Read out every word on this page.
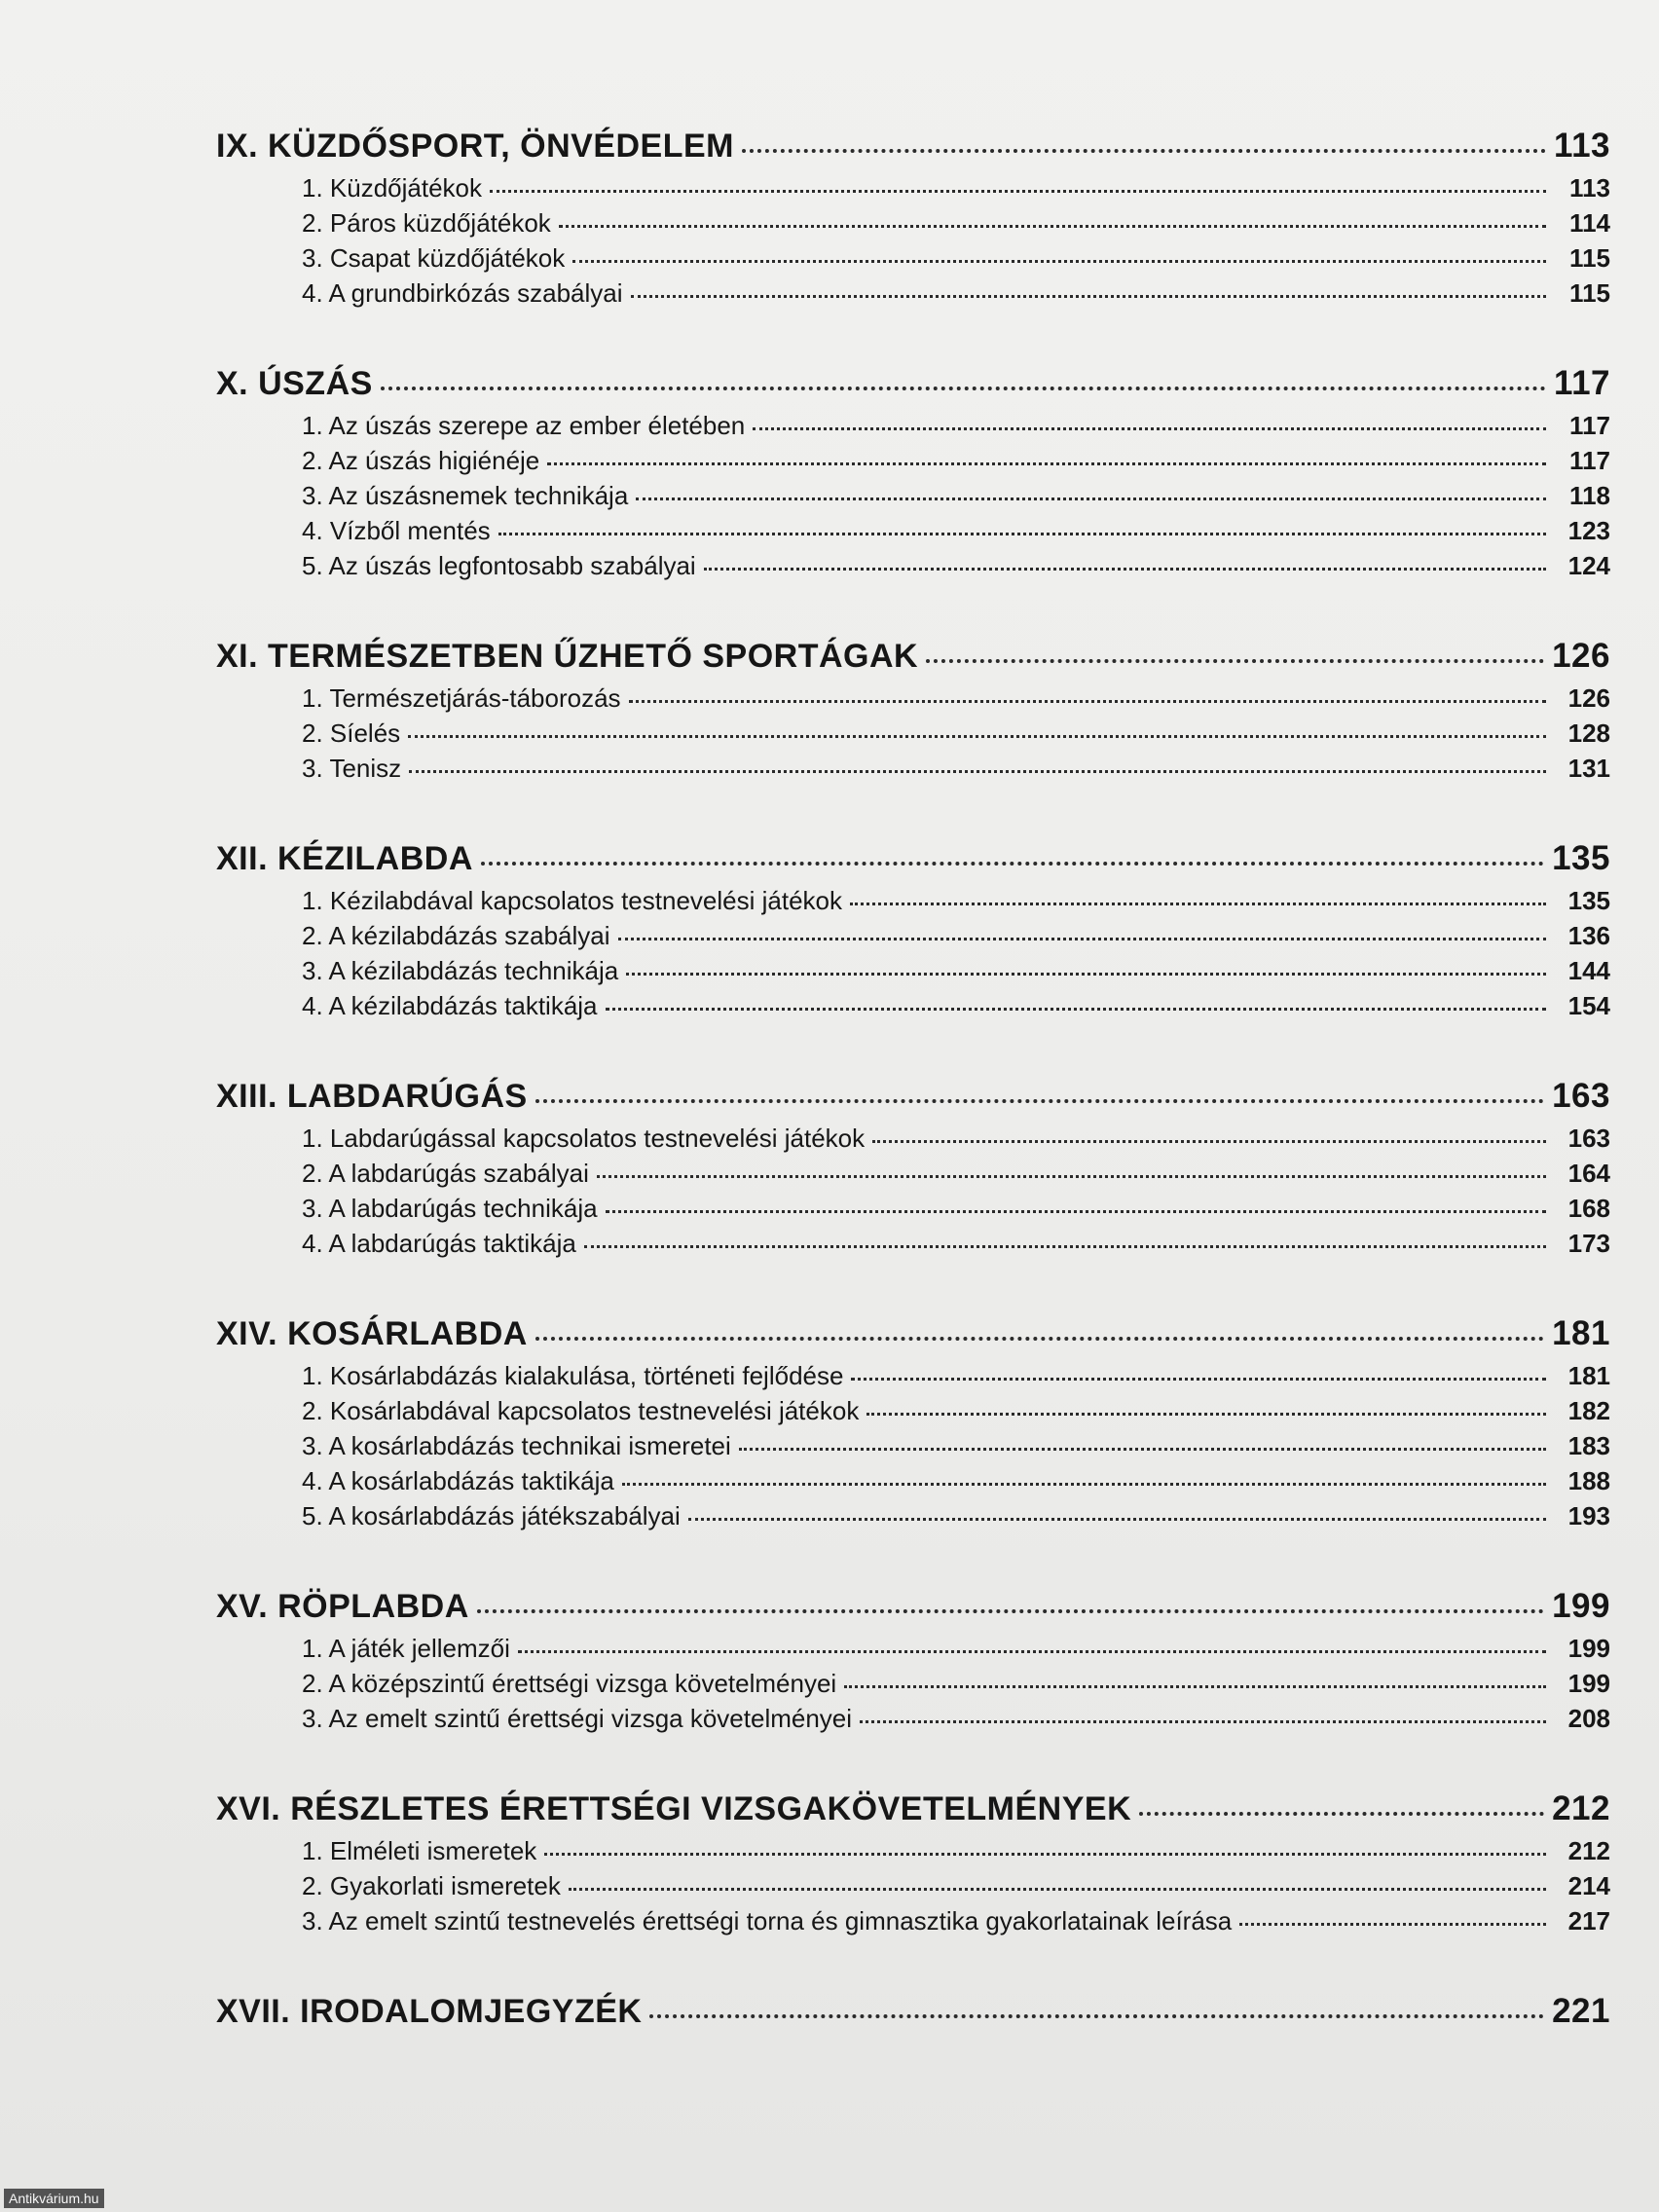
IX. KÜZDŐSPORT, ÖNVÉDELEM	113
1. Küzdőjátékok	113
2. Páros küzdőjátékok	114
3. Csapat küzdőjátékok	115
4. A grundbirkózás szabályai	115
X. ÚSZÁS	117
1. Az úszás szerepe az ember életében	117
2. Az úszás higiénéje	117
3. Az úszásnemek technikája	118
4. Vízből mentés	123
5. Az úszás legfontosabb szabályai	124
XI. TERMÉSZETBEN ŰZHETŐ SPORTÁGAK	126
1. Természetjárás-táborozás	126
2. Síelés	128
3. Tenisz	131
XII. KÉZILABDA	135
1. Kézilabdával kapcsolatos testnevelési játékok	135
2. A kézilabdázás szabályai	136
3. A kézilabdázás technikája	144
4. A kézilabdázás taktikája	154
XIII. LABDARÚGÁS	163
1. Labdarúgással kapcsolatos testnevelési játékok	163
2. A labdarúgás szabályai	164
3. A labdarúgás technikája	168
4. A labdarúgás taktikája	173
XIV. KOSÁRLABDA	181
1. Kosárlabdázás kialakulása, történeti fejlődése	181
2. Kosárlabdával kapcsolatos testnevelési játékok	182
3. A kosárlabdázás technikai ismeretei	183
4. A kosárlabdázás taktikája	188
5. A kosárlabdázás játékszabályai	193
XV. RÖPLABDA	199
1. A játék jellemzői	199
2. A középszintű érettségi vizsga követelményei	199
3. Az emelt szintű érettségi vizsga követelményei	208
XVI. RÉSZLETES ÉRETTSÉGI VIZSGAKÖVETELMÉNYEK	212
1. Elméleti ismeretek	212
2. Gyakorlati ismeretek	214
3. Az emelt szintű testnevelés érettségi torna és gimnasztika gyakorlatainak leírása	217
XVII. IRODALOMJEGYZÉK	221
Antikvárium.hu
